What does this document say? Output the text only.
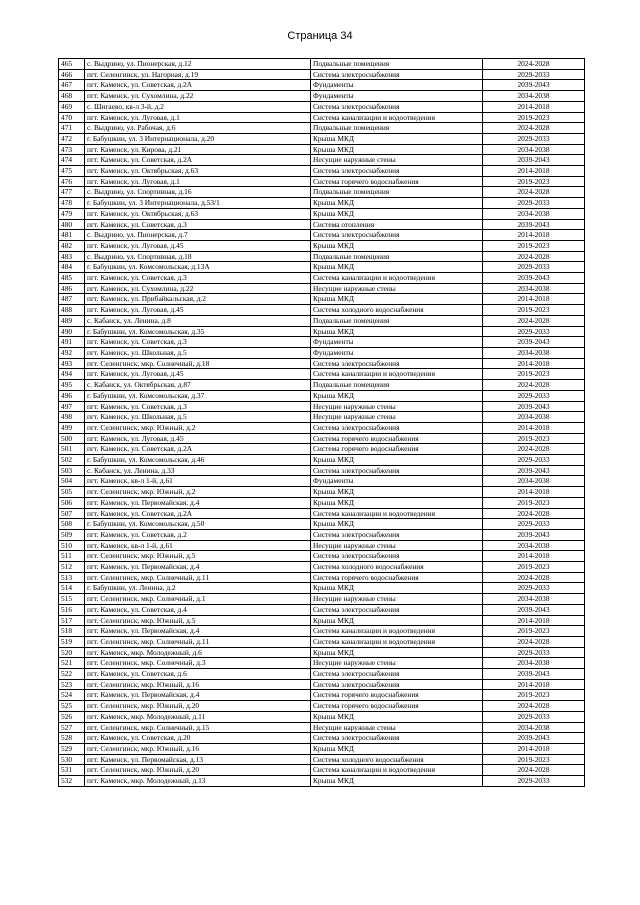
Страница 34
465	с. Выдрино, ул. Пионерская, д.12	Подвальные помещения	2024-2028
466	пгт. Селенгинск, ул. Нагорная, д.19	Система электроснабжения	2029-2033
467	пгт. Каменск, ул. Советская, д.2А	Фундаменты	2039-2043
468	пгт. Каменск, ул. Сухомлина, д.22	Фундаменты	2034-2038
469	с. Шигаево, кв-л 3-й, д.2	Система электроснабжения	2014-2018
470	пгт. Каменск, ул. Луговая, д.1	Система канализации и водоотведения	2019-2023
471	с. Выдрино, ул. Рабочая, д.6	Подвальные помещения	2024-2028
472	г. Бабушкин, ул. 3 Интернационала, д.20	Крыша МКД	2029-2033
473	пгт. Каменск, ул. Кирова, д.21	Крыша МКД	2034-2038
474	пгт. Каменск, ул. Советская, д.2А	Несущие наружные стены	2039-2043
475	пгт. Каменск, ул. Октябрьская, д.63	Система электроснабжения	2014-2018
476	пгт. Каменск, ул. Луговая, д.1	Система горячего водоснабжения	2019-2023
477	с. Выдрино, ул. Спортивная, д.16	Подвальные помещения	2024-2028
478	г. Бабушкин, ул. 3 Интернационала, д.53/1	Крыша МКД	2029-2033
479	пгт. Каменск, ул. Октябрьская, д.63	Крыша МКД	2034-2038
480	пгт. Каменск, ул. Советская, д.3	Система отопления	2039-2043
481	с. Выдрино, ул. Пионерская, д.7	Система электроснабжения	2014-2018
482	пгт. Каменск, ул. Луговая, д.45	Крыша МКД	2019-2023
483	с. Выдрино, ул. Спортивная, д.18	Подвальные помещения	2024-2028
484	г. Бабушкин, ул. Комсомольская, д.13А	Крыша МКД	2029-2033
485	пгт. Каменск, ул. Советская, д.3	Система канализации и водоотведения	2039-2043
486	пгт. Каменск, ул. Сухомлина, д.22	Несущие наружные стены	2034-2038
487	пгт. Каменск, ул. Прибайкальская, д.2	Крыша МКД	2014-2018
488	пгт. Каменск, ул. Луговая, д.45	Система холодного водоснабжения	2019-2023
489	с. Кабанск, ул. Ленина, д.8	Подвальные помещения	2024-2028
490	г. Бабушкин, ул. Комсомольская, д.35	Крыша МКД	2029-2033
491	пгт. Каменск, ул. Советская, д.3	Фундаменты	2039-2043
492	пгт. Каменск, ул. Школьная, д.5	Фундаменты	2034-2038
493	пгт. Селенгинск, мкр. Солнечный, д.18	Система электроснабжения	2014-2018
494	пгт. Каменск, ул. Луговая, д.45	Система канализации и водоотведения	2019-2023
495	с. Кабанск, ул. Октябрьская, д.87	Подвальные помещения	2024-2028
496	г. Бабушкин, ул. Комсомольская, д.37	Крыша МКД	2029-2033
497	пгт. Каменск, ул. Советская, д.3	Несущие наружные стены	2039-2043
498	пгт. Каменск, ул. Школьная, д.5	Несущие наружные стены	2034-2038
499	пгт. Селенгинск, мкр. Южный, д.2	Система электроснабжения	2014-2018
500	пгт. Каменск, ул. Луговая, д.45	Система горячего водоснабжения	2019-2023
501	пгт. Каменск, ул. Советская, д.2А	Система горячего водоснабжения	2024-2028
502	г. Бабушкин, ул. Комсомольская, д.46	Крыша МКД	2029-2033
503	с. Кабанск, ул. Ленина, д.33	Система электроснабжения	2039-2043
504	пгт. Каменск, кв-л 1-й, д.61	Фундаменты	2034-2038
505	пгт. Селенгинск, мкр. Южный, д.2	Крыша МКД	2014-2018
506	пгт. Каменск, ул. Первомайская, д.4	Крыша МКД	2019-2023
507	пгт. Каменск, ул. Советская, д.2А	Система канализации и водоотведения	2024-2028
508	г. Бабушкин, ул. Комсомольская, д.50	Крыша МКД	2029-2033
509	пгт. Каменск, ул. Советская, д.2	Система электроснабжения	2039-2043
510	пгт. Каменск, кв-л 1-й, д.61	Несущие наружные стены	2034-2038
511	пгт. Селенгинск, мкр. Южный, д.5	Система электроснабжения	2014-2018
512	пгт. Каменск, ул. Первомайская, д.4	Система холодного водоснабжения	2019-2023
513	пгт. Селенгинск, мкр. Солнечный, д.11	Система горячего водоснабжения	2024-2028
514	г. Бабушкин, ул. Ленина, д.2	Крыша МКД	2029-2033
515	пгт. Селенгинск, мкр. Солнечный, д.1	Несущие наружные стены	2034-2038
516	пгт. Каменск, ул. Советская, д.4	Система электроснабжения	2039-2043
517	пгт. Селенгинск, мкр. Южный, д.5	Крыша МКД	2014-2018
518	пгт. Каменск, ул. Первомайская, д.4	Система канализации и водоотведения	2019-2023
519	пгт. Селенгинск, мкр. Солнечный, д.11	Система канализации и водоотведения	2024-2028
520	пгт. Каменск, мкр. Молодежный, д.6	Крыша МКД	2029-2033
521	пгт. Селенгинск, мкр. Солнечный, д.3	Несущие наружные стены	2034-2038
522	пгт. Каменск, ул. Советская, д.6	Система электроснабжения	2039-2043
523	пгт. Селенгинск, мкр. Южный, д.16	Система электроснабжения	2014-2018
524	пгт. Каменск, ул. Первомайская, д.4	Система горячего водоснабжения	2019-2023
525	пгт. Селенгинск, мкр. Южный, д.20	Система горячего водоснабжения	2024-2028
526	пгт. Каменск, мкр. Молодежный, д.11	Крыша МКД	2029-2033
527	пгт. Селенгинск, мкр. Солнечный, д.15	Несущие наружные стены	2034-2038
528	пгт. Каменск, ул. Советская, д.20	Система электроснабжения	2039-2043
529	пгт. Селенгинск, мкр. Южный, д.16	Крыша МКД	2014-2018
530	пгт. Каменск, ул. Первомайская, д.13	Система холодного водоснабжения	2019-2023
531	пгт. Селенгинск, мкр. Южный, д.20	Система канализации и водоотведения	2024-2028
532	пгт. Каменск, мкр. Молодежный, д.13	Крыша МКД	2029-2033
